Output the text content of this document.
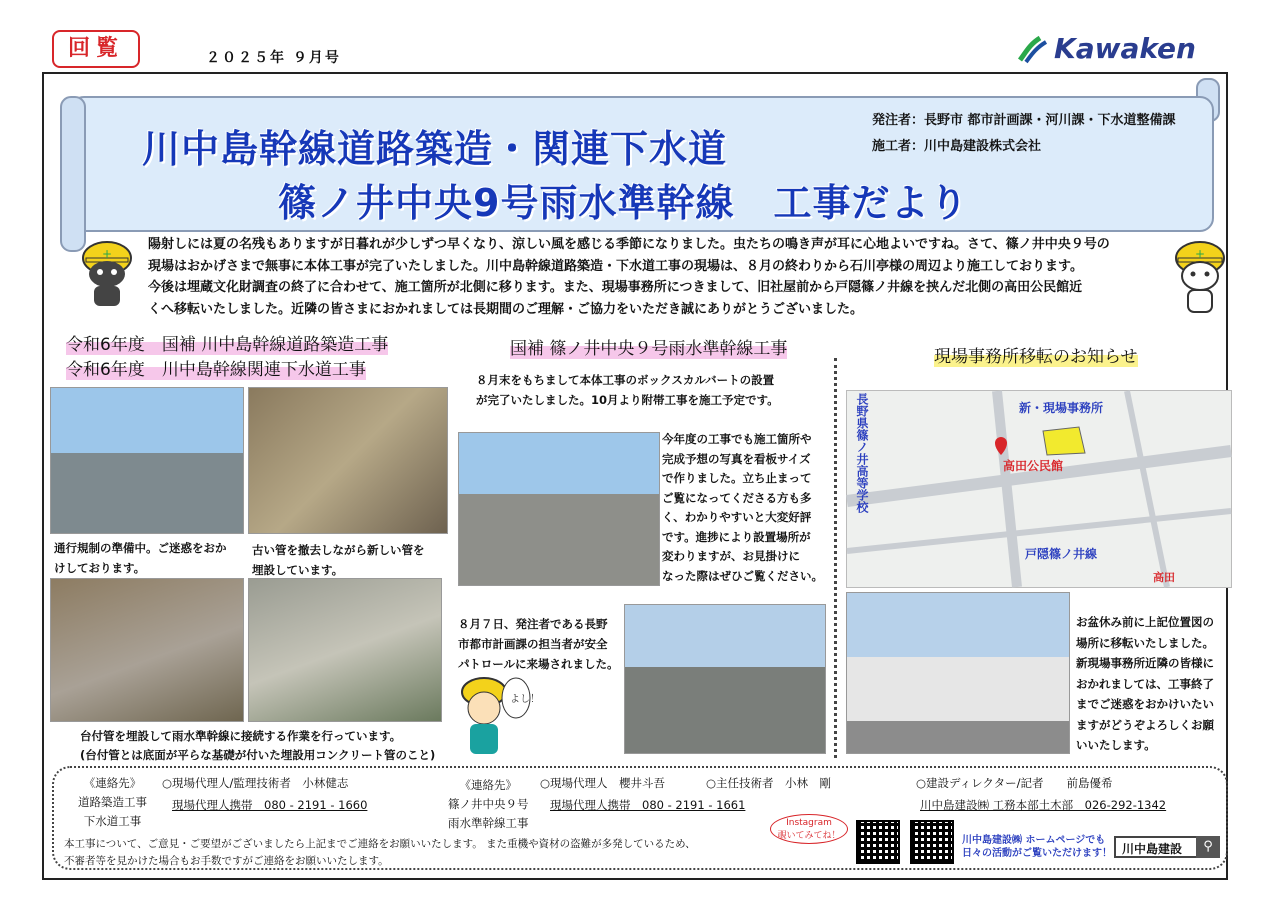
回覧	２０２５年 ９月号	Kawaken
川中島幹線道路築造・関連下水道
篠ノ井中央9号雨水準幹線　工事だより
発注者：長野市 都市計画課・河川課・下水道整備課
施工者：川中島建設株式会社
+	+
陽射しには夏の名残もありますが日暮れが少しずつ早くなり、涼しい風を感じる季節になりました。虫たちの鳴き声が耳に心地よいですね。さて、篠ノ井中央９号の
現場はおかげさまで無事に本体工事が完了いたしました。川中島幹線道路築造・下水道工事の現場は、８月の終わりから石川亭様の周辺より施工しております。
今後は埋蔵文化財調査の終了に合わせて、施工箇所が北側に移ります。また、現場事務所につきまして、旧社屋前から戸隠篠ノ井線を挟んだ北側の高田公民館近
くへ移転いたしました。近隣の皆さまにおかれましては長期間のご理解・ご協力をいただき誠にありがとうございました。
令和6年度　国補 川中島幹線道路築造工事
令和6年度　川中島幹線関連下水道工事
通行規制の準備中。ご迷惑をおか
けしております。
古い管を撤去しながら新しい管を
埋設しています。
台付管を埋設して雨水準幹線に接続する作業を行っています。
(台付管とは底面が平らな基礎が付いた埋設用コンクリート管のこと)
国補 篠ノ井中央９号雨水準幹線工事
８月末をもちまして本体工事のボックスカルバートの設置
が完了いたしました。10月より附帯工事を施工予定です。
今年度の工事でも施工箇所や
完成予想の写真を看板サイズ
で作りました。立ち止まって
ご覧になってくださる方も多
く、わかりやすいと大変好評
です。進捗により設置場所が
変わりますが、お見掛けに
なった際はぜひご覧ください。
８月７日、発注者である長野
市都市計画課の担当者が安全
パトロールに来場されました。
よし！
現場事務所移転のお知らせ
長野県篠ノ井高等学校
新・現場事務所
高田公民館
戸隠篠ノ井線
高田
お盆休み前に上記位置図の
場所に移転いたしました。
新現場事務所近隣の皆様に
おかれましては、工事終了
までご迷惑をおかけいたい
ますがどうぞよろしくお願
いいたします。
《連絡先》
道路築造工事
下水道工事
○現場代理人/監理技術者　小林健志
現場代理人携帯　080 - 2191 - 1660
《連絡先》
篠ノ井中央９号
雨水準幹線工事
○現場代理人　櫻井斗吾	○主任技術者　小林　剛
現場代理人携帯　080 - 2191 - 1661
○建設ディレクター/記者　　前島優希
川中島建設㈱ 工務本部土木部　026-292-1342
本工事について、ご意見・ご要望がございましたら上記までご連絡をお願いいたします。 また重機や資材の盗難が多発しているため、
不審者等を見かけた場合もお手数ですがご連絡をお願いいたします。
Instagram
覗いてみてね！	川中島建設㈱ ホームページでも
日々の活動がご覧いただけます！ 川中島建設	⚲
